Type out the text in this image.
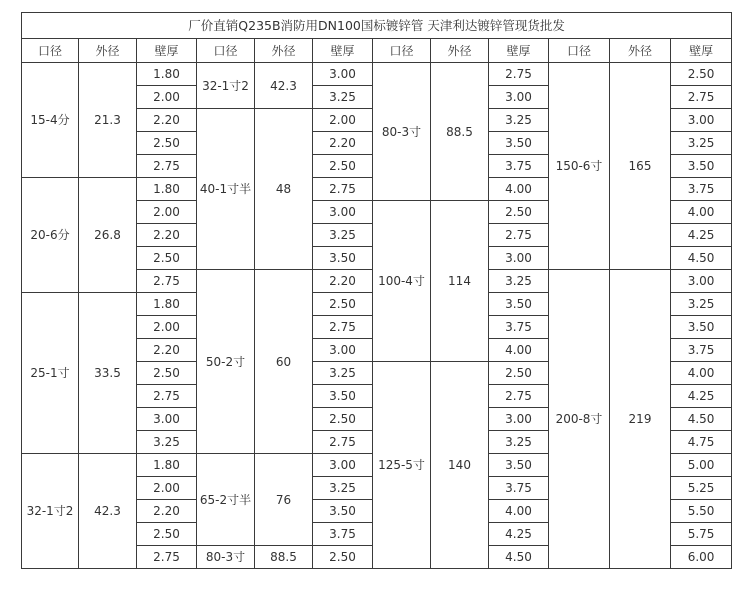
厂价直销Q235B消防用DN100国标镀锌管 天津利达镀锌管现货批发											
口径	外径	壁厚	口径	外径	壁厚	口径	外径	壁厚	口径	外径	壁厚
15-4分	21.3	1.80	32-1寸2	42.3	3.00	80-3寸	88.5	2.75	150-6寸	165	2.50
		2.00			3.25			3.00			2.75
		2.20	40-1寸半	48	2.00			3.25			3.00
		2.50			2.20			3.50			3.25
		2.75			2.50			3.75			3.50
20-6分	26.8	1.80			2.75			4.00			3.75
		2.00			3.00	100-4寸	114	2.50			4.00
		2.20			3.25			2.75			4.25
		2.50			3.50			3.00			4.50
		2.75	50-2寸	60	2.20			3.25	200-8寸	219	3.00
25-1寸	33.5	1.80			2.50			3.50			3.25
		2.00			2.75			3.75			3.50
		2.20			3.00			4.00			3.75
		2.50			3.25	125-5寸	140	2.50			4.00
		2.75			3.50			2.75			4.25
		3.00			2.50			3.00			4.50
		3.25			2.75			3.25			4.75
32-1寸2	42.3	1.80	65-2寸半	76	3.00			3.50			5.00
		2.00			3.25			3.75			5.25
		2.20			3.50			4.00			5.50
		2.50			3.75			4.25			5.75
		2.75	80-3寸	88.5	2.50			4.50			6.00
